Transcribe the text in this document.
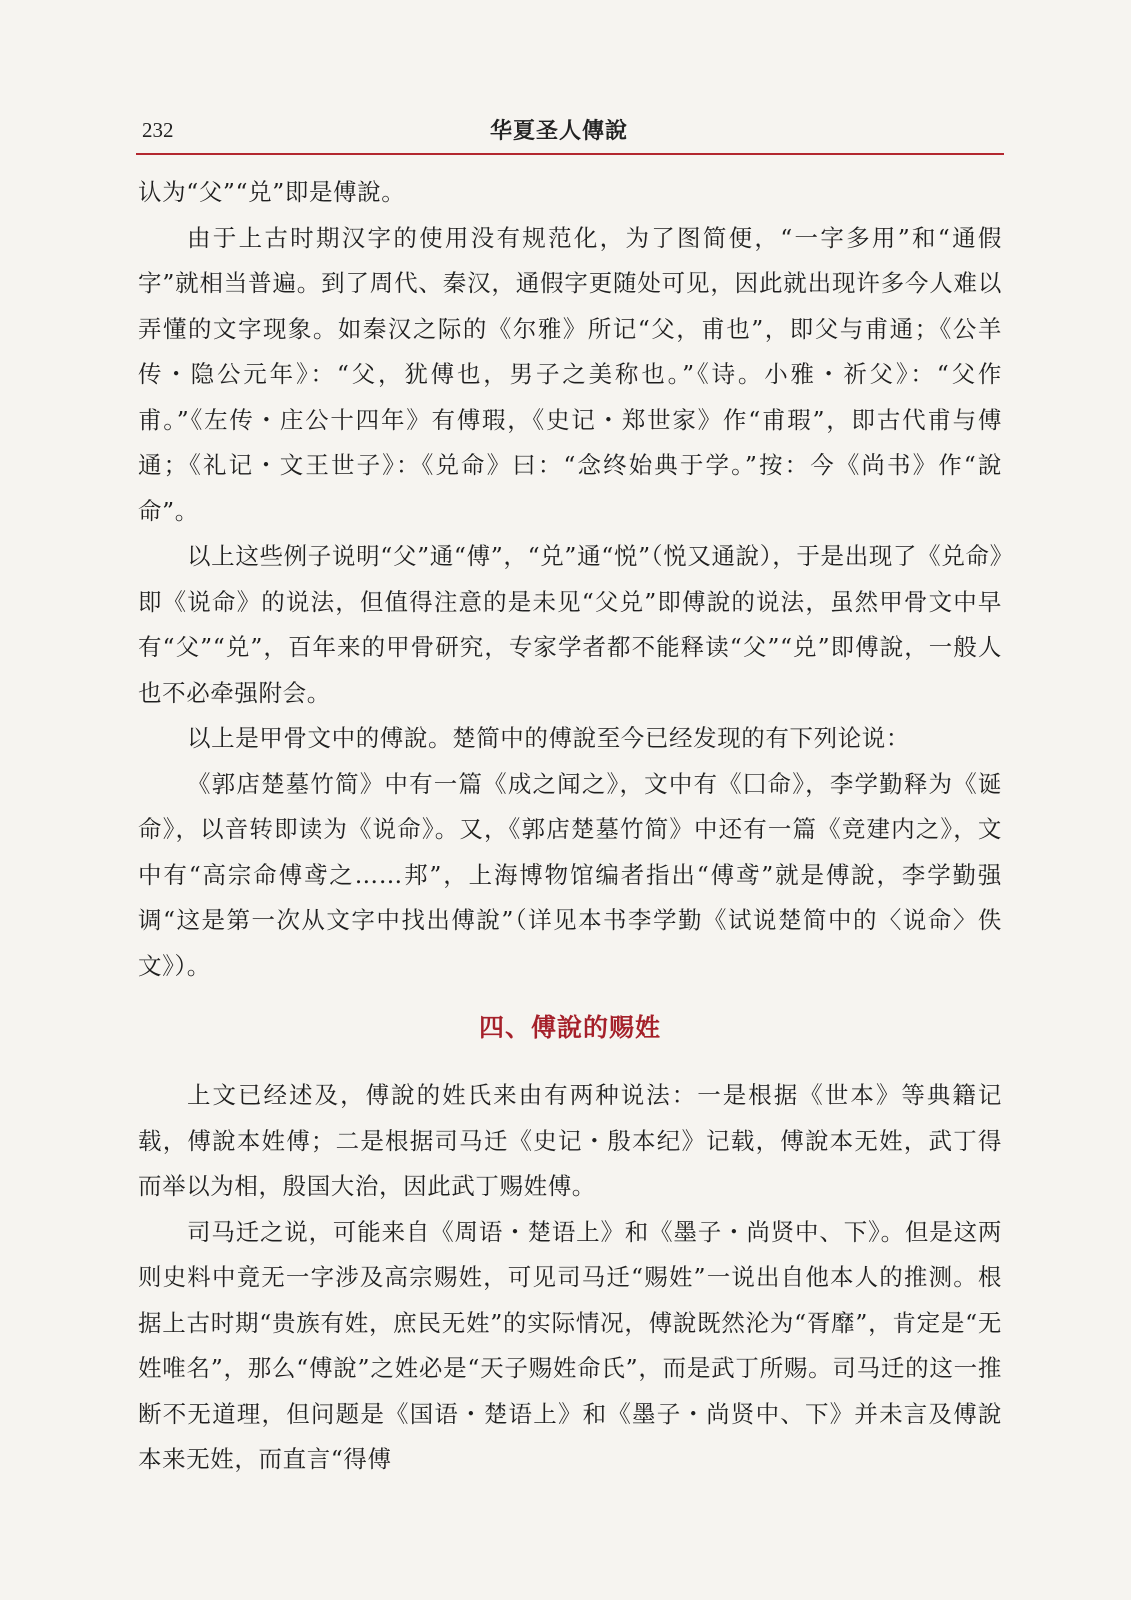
232	华夏圣人傳說

认为“父”“兑”即是傅說。

由于上古时期汉字的使用没有规范化，为了图简便，“一字多用”和“通假字”就相当普遍。到了周代、秦汉，通假字更随处可见，因此就出现许多今人难以弄懂的文字现象。如秦汉之际的《尔雅》所记“父，甫也”，即父与甫通；《公羊传・隐公元年》：“父，犹傅也，男子之美称也。”《诗。小雅・祈父》：“父作甫。”《左传・庄公十四年》有傅瑕，《史记・郑世家》作“甫瑕”，即古代甫与傅通；《礼记・文王世子》：《兑命》曰：“念终始典于学。”按：今《尚书》作“說命”。

以上这些例子说明“父”通“傅”，“兑”通“悦”（悦又通說），于是出现了《兑命》即《说命》的说法，但值得注意的是未见“父兑”即傅說的说法，虽然甲骨文中早有“父”“兑”，百年来的甲骨研究，专家学者都不能释读“父”“兑”即傅說，一般人也不必牵强附会。

以上是甲骨文中的傅說。楚简中的傅說至今已经发现的有下列论说：

《郭店楚墓竹简》中有一篇《成之闻之》，文中有《囗命》，李学勤释为《诞命》，以音转即读为《说命》。又，《郭店楚墓竹简》中还有一篇《竞建内之》，文中有“高宗命傅鸢之……邦”，上海博物馆编者指出“傅鸢”就是傅說，李学勤强调“这是第一次从文字中找出傅說”（详见本书李学勤《试说楚简中的〈说命〉佚文》）。

四、傅說的赐姓

上文已经述及，傅說的姓氏来由有两种说法：一是根据《世本》等典籍记载，傅說本姓傅；二是根据司马迁《史记・殷本纪》记载，傅說本无姓，武丁得而举以为相，殷国大治，因此武丁赐姓傅。

司马迁之说，可能来自《周语・楚语上》和《墨子・尚贤中、下》。但是这两则史料中竟无一字涉及高宗赐姓，可见司马迁“赐姓”一说出自他本人的推测。根据上古时期“贵族有姓，庶民无姓”的实际情况，傅說既然沦为“胥靡”，肯定是“无姓唯名”，那么“傅說”之姓必是“天子赐姓命氏”，而是武丁所赐。司马迁的这一推断不无道理，但问题是《国语・楚语上》和《墨子・尚贤中、下》并未言及傅說本来无姓，而直言“得傅
